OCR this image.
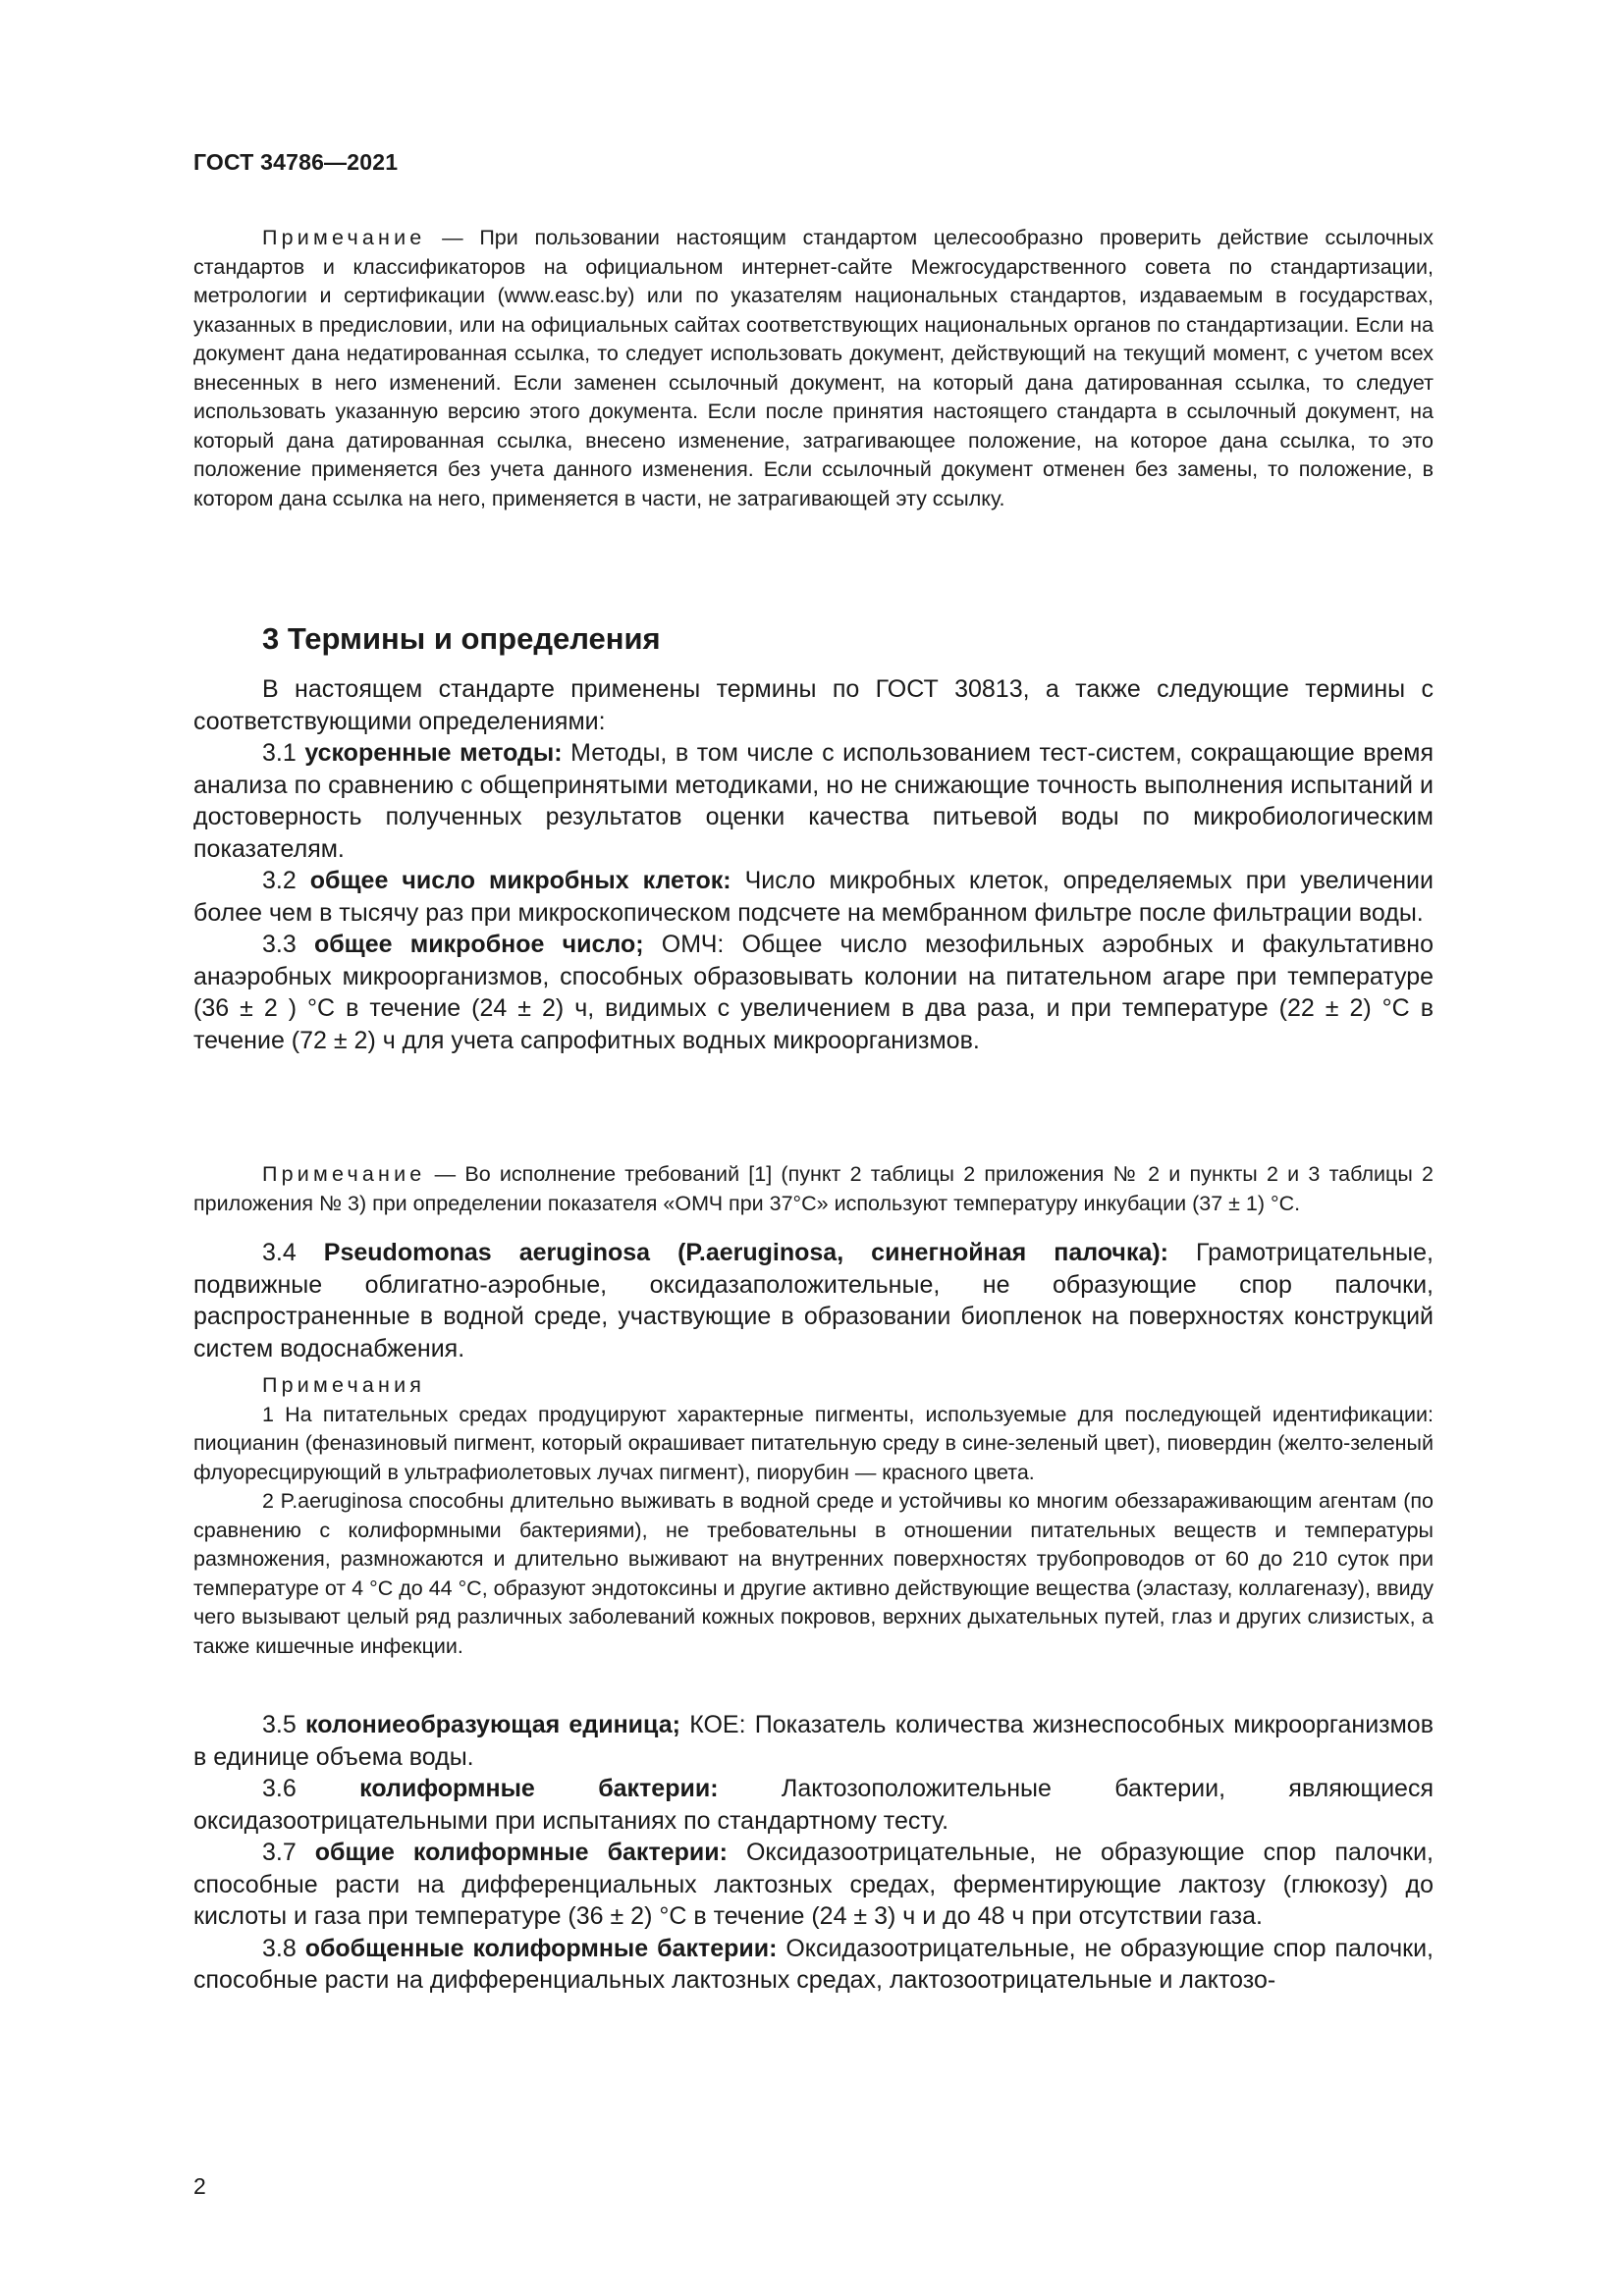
ГОСТ 34786—2021

Примечание — При пользовании настоящим стандартом целесообразно проверить действие ссылочных стандартов и классификаторов на официальном интернет-сайте Межгосударственного совета по стандартизации, метрологии и сертификации (www.easc.by) или по указателям национальных стандартов, издаваемым в государствах, указанных в предисловии, или на официальных сайтах соответствующих национальных органов по стандартизации. Если на документ дана недатированная ссылка, то следует использовать документ, действующий на текущий момент, с учетом всех внесенных в него изменений. Если заменен ссылочный документ, на который дана датированная ссылка, то следует использовать указанную версию этого документа. Если после принятия настоящего стандарта в ссылочный документ, на который дана датированная ссылка, внесено изменение, затрагивающее положение, на которое дана ссылка, то это положение применяется без учета данного изменения. Если ссылочный документ отменен без замены, то положение, в котором дана ссылка на него, применяется в части, не затрагивающей эту ссылку.

3 Термины и определения

В настоящем стандарте применены термины по ГОСТ 30813, а также следующие термины с соответствующими определениями:

3.1 ускоренные методы: Методы, в том числе с использованием тест-систем, сокращающие время анализа по сравнению с общепринятыми методиками, но не снижающие точность выполнения испытаний и достоверность полученных результатов оценки качества питьевой воды по микробиологическим показателям.

3.2 общее число микробных клеток: Число микробных клеток, определяемых при увеличении более чем в тысячу раз при микроскопическом подсчете на мембранном фильтре после фильтрации воды.

3.3 общее микробное число; ОМЧ: Общее число мезофильных аэробных и факультативно анаэробных микроорганизмов, способных образовывать колонии на питательном агаре при температуре (36 ± 2 ) °С в течение (24 ± 2) ч, видимых с увеличением в два раза, и при температуре (22 ± 2) °С в течение (72 ± 2) ч для учета сапрофитных водных микроорганизмов.

Примечание — Во исполнение требований [1] (пункт 2 таблицы 2 приложения № 2 и пункты 2 и 3 таблицы 2 приложения № 3) при определении показателя «ОМЧ при 37°С» используют температуру инкубации (37 ± 1) °С.

3.4 Pseudomonas aeruginosa (P.aeruginosa, синегнойная палочка): Грамотрицательные, подвижные облигатно-аэробные, оксидазаположительные, не образующие спор палочки, распространенные в водной среде, участвующие в образовании биопленок на поверхностях конструкций систем водоснабжения.

Примечания

1 На питательных средах продуцируют характерные пигменты, используемые для последующей идентификации: пиоцианин (феназиновый пигмент, который окрашивает питательную среду в сине-зеленый цвет), пиовердин (желто-зеленый флуоресцирующий в ультрафиолетовых лучах пигмент), пиорубин — красного цвета.

2 P.aeruginosa способны длительно выживать в водной среде и устойчивы ко многим обеззараживающим агентам (по сравнению с колиформными бактериями), не требовательны в отношении питательных веществ и температуры размножения, размножаются и длительно выживают на внутренних поверхностях трубопроводов от 60 до 210 суток при температуре от 4 °С до 44 °С, образуют эндотоксины и другие активно действующие вещества (эластазу, коллагеназу), ввиду чего вызывают целый ряд различных заболеваний кожных покровов, верхних дыхательных путей, глаз и других слизистых, а также кишечные инфекции.

3.5 колониеобразующая единица; КОЕ: Показатель количества жизнеспособных микроорганизмов в единице объема воды.

3.6 колиформные бактерии: Лактозоположительные бактерии, являющиеся оксидазоотрицательными при испытаниях по стандартному тесту.

3.7 общие колиформные бактерии: Оксидазоотрицательные, не образующие спор палочки, способные расти на дифференциальных лактозных средах, ферментирующие лактозу (глюкозу) до кислоты и газа при температуре (36 ± 2) °С в течение (24 ± 3) ч и до 48 ч при отсутствии газа.

3.8 обобщенные колиформные бактерии: Оксидазоотрицательные, не образующие спор палочки, способные расти на дифференциальных лактозных средах, лактозоотрицательные и лактозо-

2
